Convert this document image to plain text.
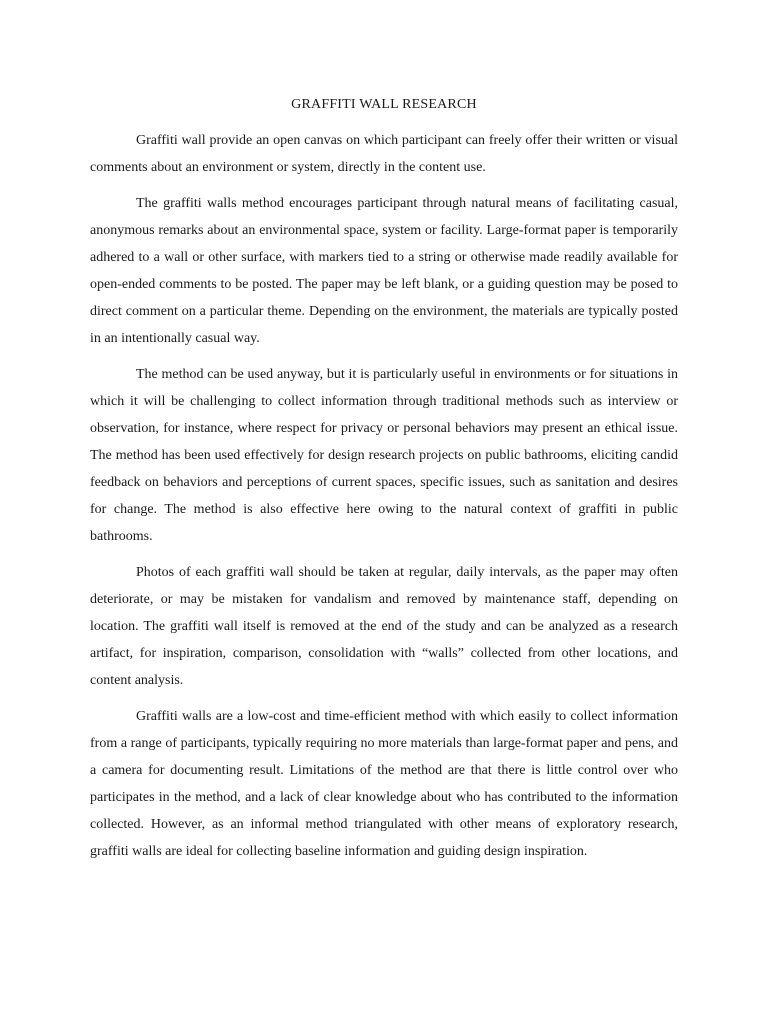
GRAFFITI WALL RESEARCH

Graffiti wall provide an open canvas on which participant can freely offer their written or visual comments about an environment or system, directly in the content use.

The graffiti walls method encourages participant through natural means of facilitating casual, anonymous remarks about an environmental space, system or facility. Large-format paper is temporarily adhered to a wall or other surface, with markers tied to a string or otherwise made readily available for open-ended comments to be posted. The paper may be left blank, or a guiding question may be posed to direct comment on a particular theme. Depending on the environment, the materials are typically posted in an intentionally casual way.

The method can be used anyway, but it is particularly useful in environments or for situations in which it will be challenging to collect information through traditional methods such as interview or observation, for instance, where respect for privacy or personal behaviors may present an ethical issue. The method has been used effectively for design research projects on public bathrooms, eliciting candid feedback on behaviors and perceptions of current spaces, specific issues, such as sanitation and desires for change. The method is also effective here owing to the natural context of graffiti in public bathrooms.

Photos of each graffiti wall should be taken at regular, daily intervals, as the paper may often deteriorate, or may be mistaken for vandalism and removed by maintenance staff, depending on location. The graffiti wall itself is removed at the end of the study and can be analyzed as a research artifact, for inspiration, comparison, consolidation with “walls” collected from other locations, and content analysis.

Graffiti walls are a low-cost and time-efficient method with which easily to collect information from a range of participants, typically requiring no more materials than large-format paper and pens, and a camera for documenting result. Limitations of the method are that there is little control over who participates in the method, and a lack of clear knowledge about who has contributed to the information collected. However, as an informal method triangulated with other means of exploratory research, graffiti walls are ideal for collecting baseline information and guiding design inspiration.
